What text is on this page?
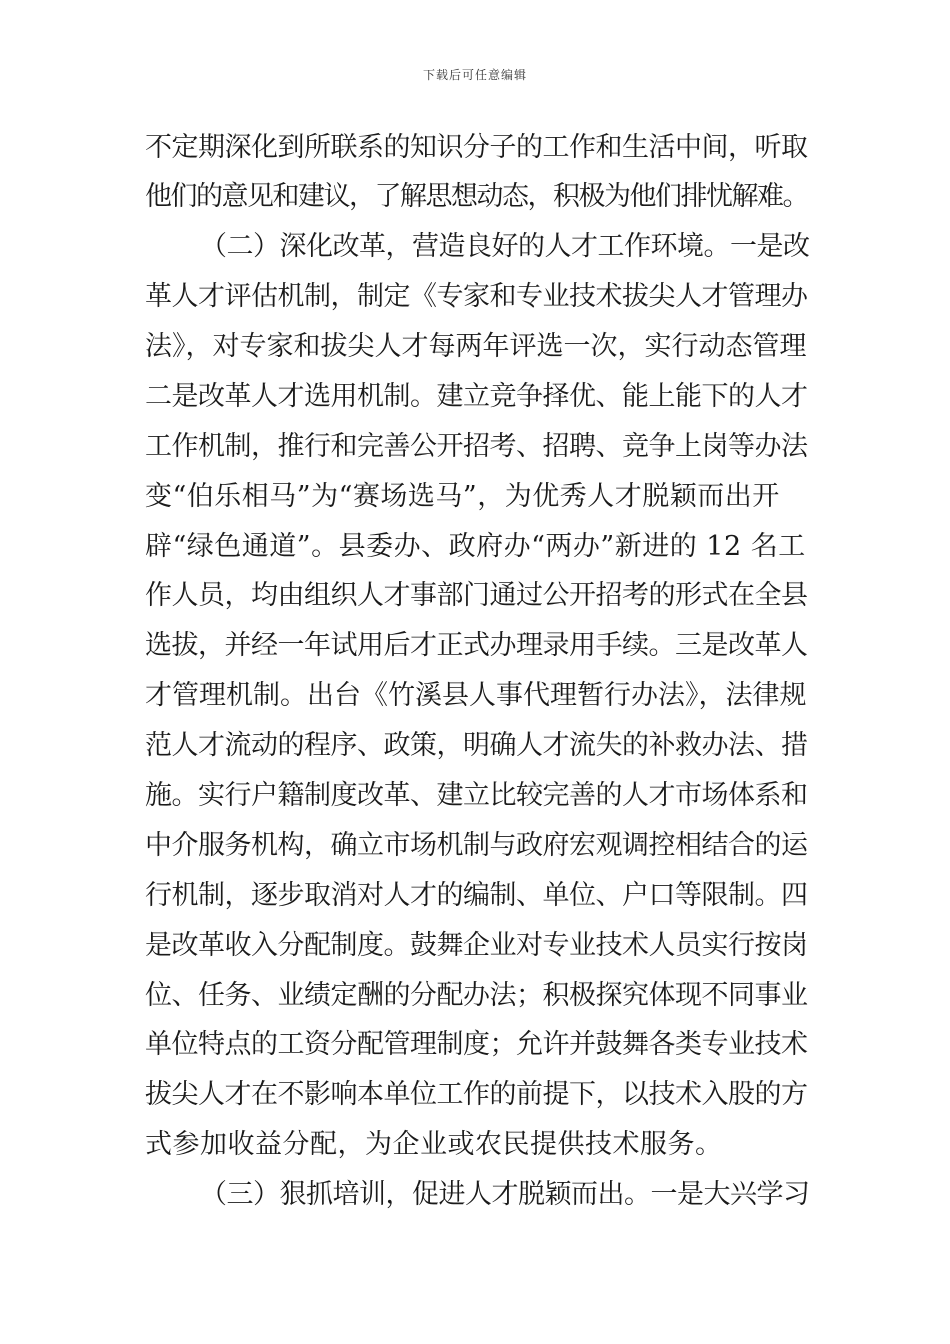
下载后可任意编辑
不定期深化到所联系的知识分子的工作和生活中间，听取
他们的意见和建议，了解思想动态，积极为他们排忧解难。
（二）深化改革，营造良好的人才工作环境。一是改
革人才评估机制，制定《专家和专业技术拔尖人才管理办
法》，对专家和拔尖人才每两年评选一次，实行动态管理
二是改革人才选用机制。建立竞争择优、能上能下的人才
工作机制，推行和完善公开招考、招聘、竞争上岗等办法
变“伯乐相马”为“赛场选马”，为优秀人才脱颖而出开
辟“绿色通道”。县委办、政府办“两办”新进的 12 名工
作人员，均由组织人才事部门通过公开招考的形式在全县
选拔，并经一年试用后才正式办理录用手续。三是改革人
才管理机制。出台《竹溪县人事代理暂行办法》，法律规
范人才流动的程序、政策，明确人才流失的补救办法、措
施。实行户籍制度改革、建立比较完善的人才市场体系和
中介服务机构，确立市场机制与政府宏观调控相结合的运
行机制，逐步取消对人才的编制、单位、户口等限制。四
是改革收入分配制度。鼓舞企业对专业技术人员实行按岗
位、任务、业绩定酬的分配办法；积极探究体现不同事业
单位特点的工资分配管理制度；允许并鼓舞各类专业技术
拔尖人才在不影响本单位工作的前提下，以技术入股的方
式参加收益分配，为企业或农民提供技术服务。
（三）狠抓培训，促进人才脱颖而出。一是大兴学习
